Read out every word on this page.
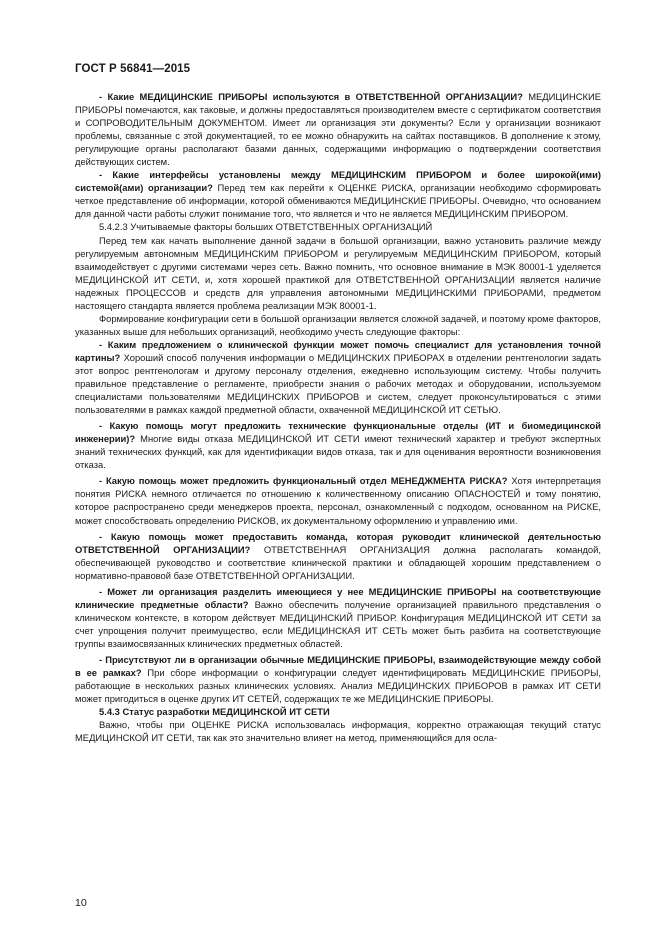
ГОСТ Р 56841—2015

- Какие МЕДИЦИНСКИЕ ПРИБОРЫ используются в ОТВЕТСТВЕННОЙ ОРГАНИЗАЦИИ? МЕДИЦИНСКИЕ ПРИБОРЫ помечаются, как таковые, и должны предоставляться производителем вместе с сертификатом соответствия и СОПРОВОДИТЕЛЬНЫМ ДОКУМЕНТОМ. Имеет ли организация эти документы? Если у организации возникают проблемы, связанные с этой документацией, то ее можно обнаружить на сайтах поставщиков. В дополнение к этому, регулирующие органы располагают базами данных, содержащими информацию о подтверждении соответствия действующих систем.

- Какие интерфейсы установлены между МЕДИЦИНСКИМ ПРИБОРОМ и более широкой(ими) системой(ами) организации? Перед тем как перейти к ОЦЕНКЕ РИСКА, организации необходимо сформировать четкое представление об информации, которой обмениваются МЕДИЦИНСКИЕ ПРИБОРЫ. Очевидно, что основанием для данной части работы служит понимание того, что является и что не является МЕДИЦИНСКИМ ПРИБОРОМ.

5.4.2.3 Учитываемые факторы больших ОТВЕТСТВЕННЫХ ОРГАНИЗАЦИЙ

Перед тем как начать выполнение данной задачи в большой организации, важно установить различие между регулируемым автономным МЕДИЦИНСКИМ ПРИБОРОМ и регулируемым МЕДИЦИНСКИМ ПРИБОРОМ, который взаимодействует с другими системами через сеть. Важно помнить, что основное внимание в МЭК 80001-1 уделяется МЕДИЦИНСКОЙ ИТ СЕТИ, и, хотя хорошей практикой для ОТВЕТСТВЕННОЙ ОРГАНИЗАЦИИ является наличие надежных ПРОЦЕССОВ и средств для управления автономными МЕДИЦИНСКИМИ ПРИБОРАМИ, предметом настоящего стандарта является проблема реализации МЭК 80001-1.

Формирование конфигурации сети в большой организации является сложной задачей, и поэтому кроме факторов, указанных выше для небольших организаций, необходимо учесть следующие факторы:

- Каким предложением о клинической функции может помочь специалист для установления точной картины? Хороший способ получения информации о МЕДИЦИНСКИХ ПРИБОРАХ в отделении рентгенологии задать этот вопрос рентгенологам и другому персоналу отделения, ежедневно использующим систему. Чтобы получить правильное представление о регламенте, приобрести знания о рабочих методах и оборудовании, используемом специалистами пользователями МЕДИЦИНСКИХ ПРИБОРОВ и систем, следует проконсультироваться с этими пользователями в рамках каждой предметной области, охваченной МЕДИЦИНСКОЙ ИТ СЕТЬЮ.

- Какую помощь могут предложить технические функциональные отделы (ИТ и биомедицинской инженерии)? Многие виды отказа МЕДИЦИНСКОЙ ИТ СЕТИ имеют технический характер и требуют экспертных знаний технических функций, как для идентификации видов отказа, так и для оценивания вероятности возникновения отказа.

- Какую помощь может предложить функциональный отдел МЕНЕДЖМЕНТА РИСКА? Хотя интерпретация понятия РИСКА немного отличается по отношению к количественному описанию ОПАСНОСТЕЙ и тому понятию, которое распространено среди менеджеров проекта, персонал, ознакомленный с подходом, основанном на РИСКЕ, может способствовать определению РИСКОВ, их документальному оформлению и управлению ими.

- Какую помощь может предоставить команда, которая руководит клинической деятельностью ОТВЕТСТВЕННОЙ ОРГАНИЗАЦИИ? ОТВЕТСТВЕННАЯ ОРГАНИЗАЦИЯ должна располагать командой, обеспечивающей руководство и соответствие клинической практики и обладающей хорошим представлением о нормативно-правовой базе ОТВЕТСТВЕННОЙ ОРГАНИЗАЦИИ.

- Может ли организация разделить имеющиеся у нее МЕДИЦИНСКИЕ ПРИБОРЫ на соответствующие клинические предметные области? Важно обеспечить получение организацией правильного представления о клиническом контексте, в котором действует МЕДИЦИНСКИЙ ПРИБОР. Конфигурация МЕДИЦИНСКОЙ ИТ СЕТИ за счет упрощения получит преимущество, если МЕДИЦИНСКАЯ ИТ СЕТЬ может быть разбита на соответствующие группы взаимосвязанных клинических предметных областей.

- Присутствуют ли в организации обычные МЕДИЦИНСКИЕ ПРИБОРЫ, взаимодействующие между собой в ее рамках? При сборе информации о конфигурации следует идентифицировать МЕДИЦИНСКИЕ ПРИБОРЫ, работающие в нескольких разных клинических условиях. Анализ МЕДИЦИНСКИХ ПРИБОРОВ в рамках ИТ СЕТИ может пригодиться в оценке других ИТ СЕТЕЙ, содержащих те же МЕДИЦИНСКИЕ ПРИБОРЫ.

5.4.3 Статус разработки МЕДИЦИНСКОЙ ИТ СЕТИ

Важно, чтобы при ОЦЕНКЕ РИСКА использовалась информация, корректно отражающая текущий статус МЕДИЦИНСКОЙ ИТ СЕТИ, так как это значительно влияет на метод, применяющийся для осла-

10
